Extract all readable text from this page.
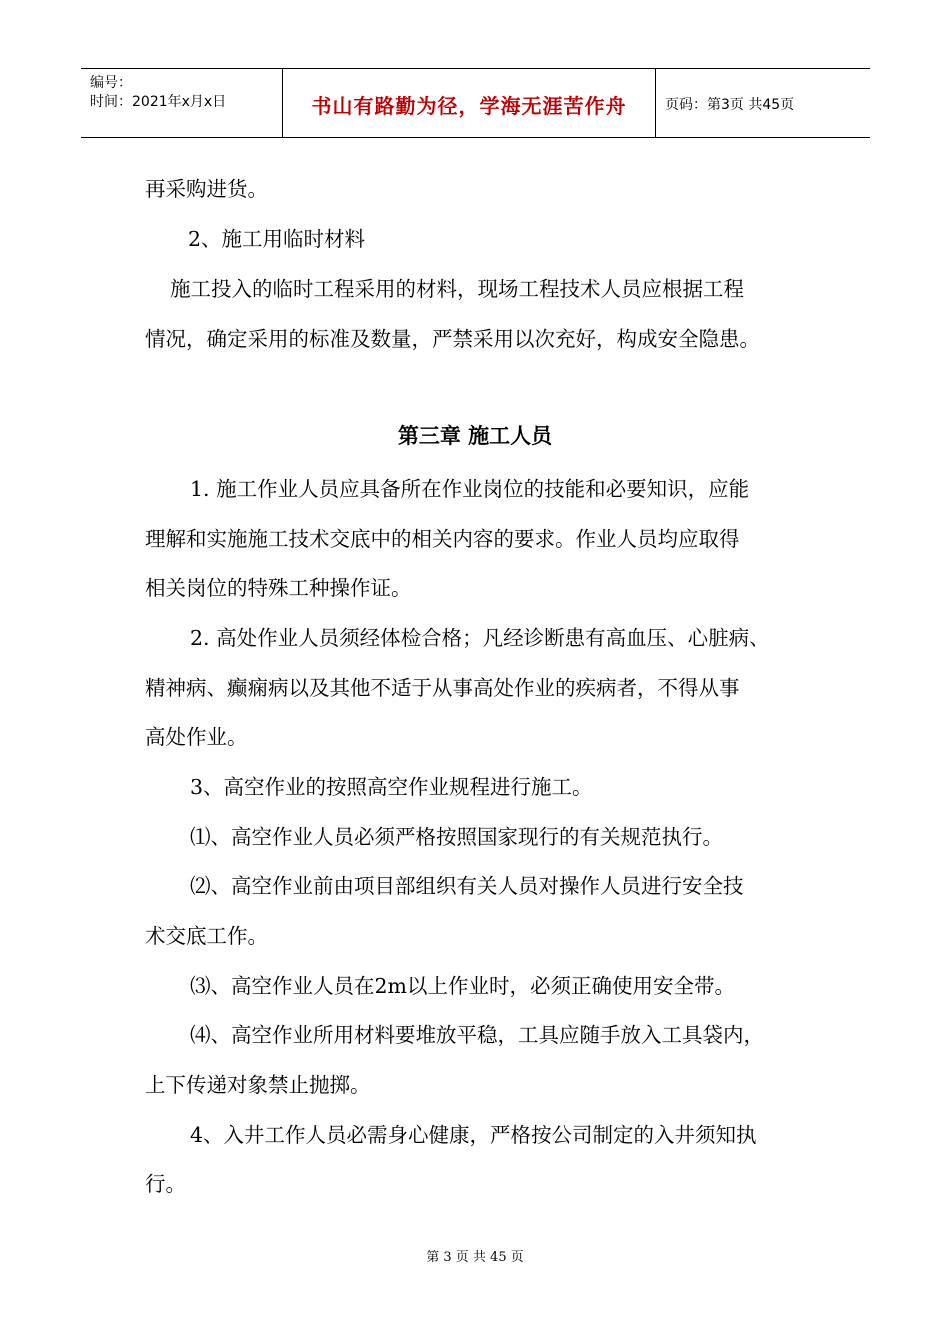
编号：
时间：2021年x月x日	书山有路勤为径，学海无涯苦作舟	页码：第3页 共45页
再采购进货。
2、施工用临时材料
施工投入的临时工程采用的材料，现场工程技术人员应根据工程
情况，确定采用的标准及数量，严禁采用以次充好，构成安全隐患。
第三章 施工人员
1. 施工作业人员应具备所在作业岗位的技能和必要知识，应能
理解和实施施工技术交底中的相关内容的要求。作业人员均应取得
相关岗位的特殊工种操作证。
2. 高处作业人员须经体检合格；凡经诊断患有高血压、心脏病、
精神病、癫痫病以及其他不适于从事高处作业的疾病者，不得从事
高处作业。
3、高空作业的按照高空作业规程进行施工。
⑴、高空作业人员必须严格按照国家现行的有关规范执行。
⑵、高空作业前由项目部组织有关人员对操作人员进行安全技
术交底工作。
⑶、高空作业人员在2m以上作业时，必须正确使用安全带。
⑷、高空作业所用材料要堆放平稳，工具应随手放入工具袋内，
上下传递对象禁止抛掷。
4、入井工作人员必需身心健康，严格按公司制定的入井须知执
行。
第 3 页 共 45 页
